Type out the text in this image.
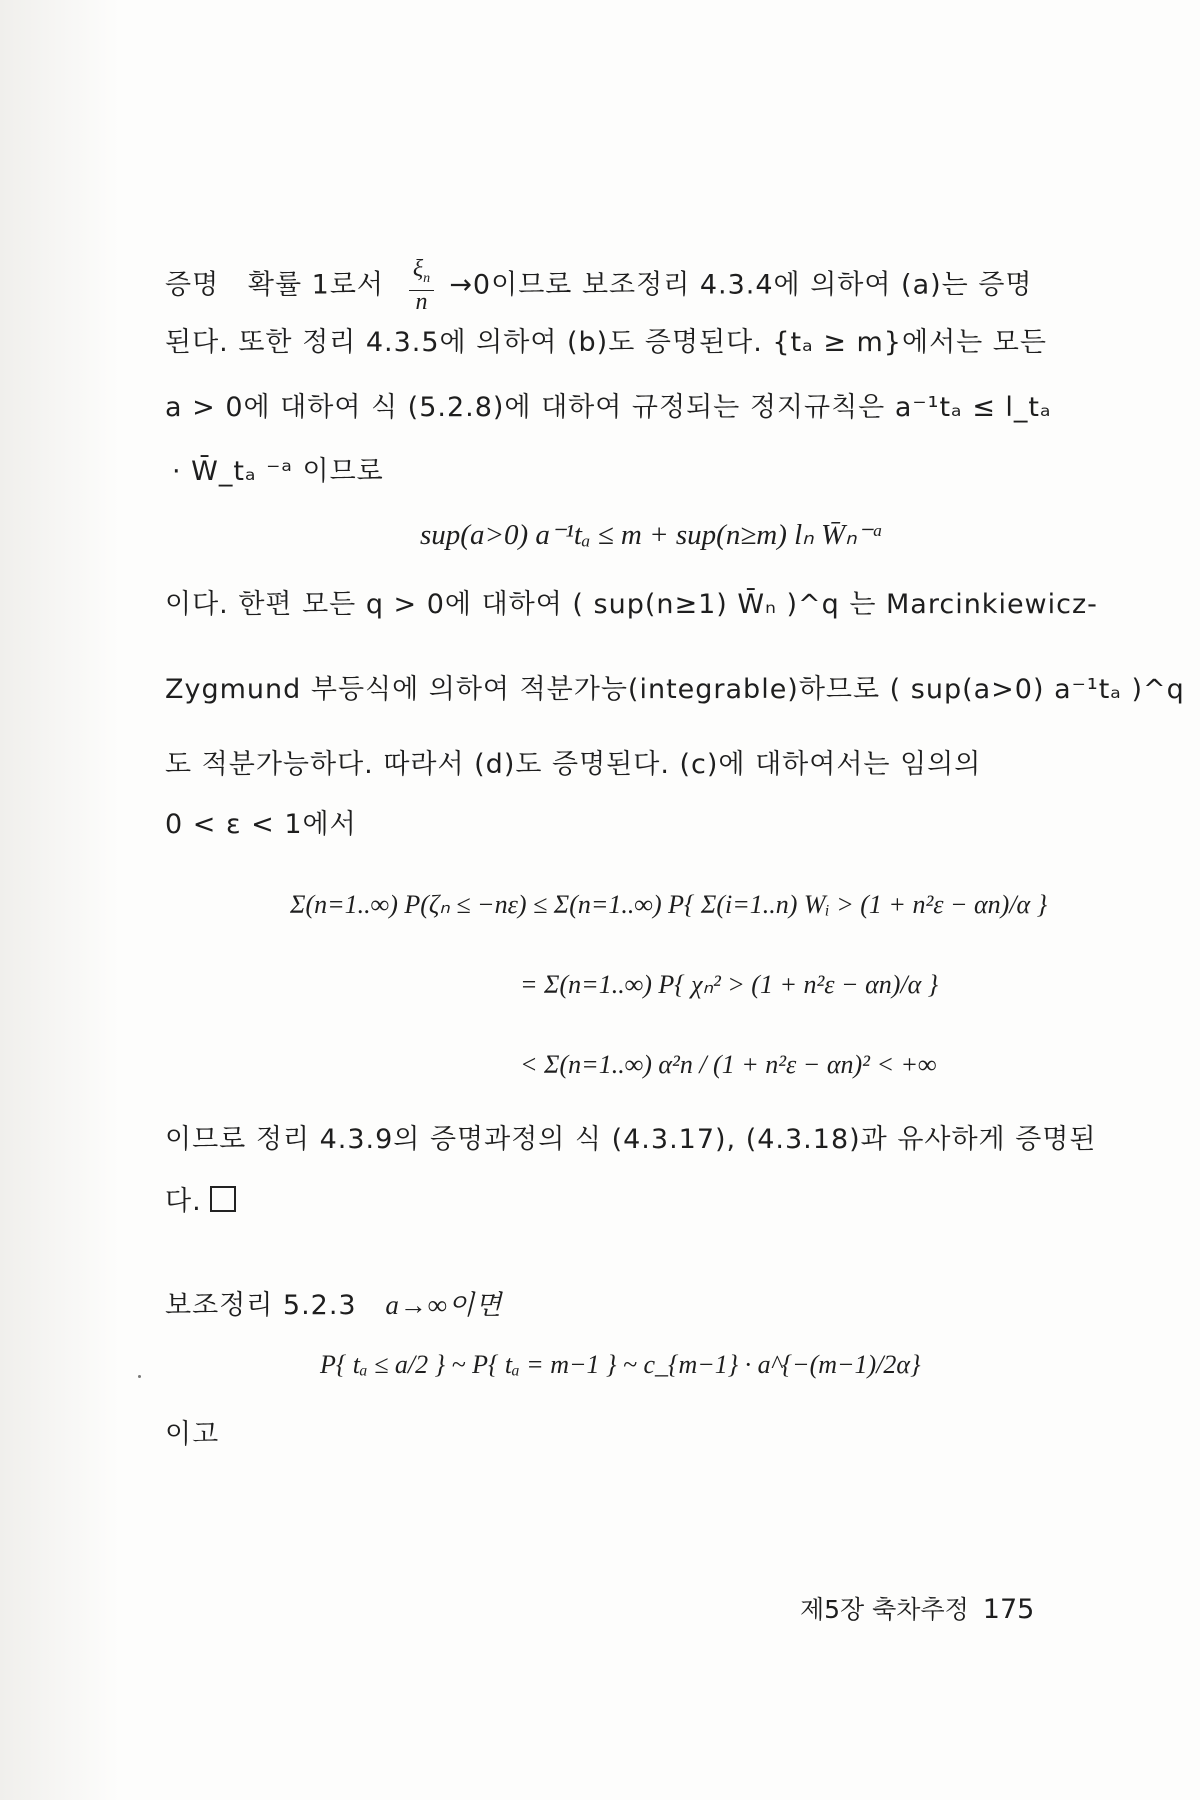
증명   확률 1로서 $\frac{\xi_n}{n} \to 0$이므로 보조정리 4.3.4에 의하여 (a)는 증명
된다. 또한 정리 4.3.5에 의하여 (b)도 증명된다. {tₐ ≥ m}에서는 모든
a > 0에 대하여 식 (5.2.8)에 대하여 규정되는 정지규칙은 a⁻¹tₐ ≤ l_tₐ
· W̄_tₐ ⁻ᵃ 이므로
sup(a>0) a⁻¹tₐ ≤ m + sup(n≥m) lₙ W̄ₙ⁻ᵃ
이다. 한편 모든 q > 0에 대하여 ( sup(n≥1) W̄ₙ )^q 는 Marcinkiewicz-
Zygmund 부등식에 의하여 적분가능(integrable)하므로 ( sup(a>0) a⁻¹tₐ )^q
도 적분가능하다. 따라서 (d)도 증명된다. (c)에 대하여서는 임의의
0 < ε < 1에서
Σ(n=1..∞) P(ζₙ ≤ −nε) ≤ Σ(n=1..∞) P{ Σ(i=1..n) Wᵢ > (1 + n²ε − αn)/α }
= Σ(n=1..∞) P{ χₙ² > (1 + n²ε − αn)/α }
< Σ(n=1..∞) α²n / (1 + n²ε − αn)² < +∞
이므로 정리 4.3.9의 증명과정의 식 (4.3.17), (4.3.18)과 유사하게 증명된
다.
보조정리 5.2.3 a→∞이면
P{ tₐ ≤ a/2 } ~ P{ tₐ = m−1 } ~ c_{m−1} · a^{−(m−1)/2α}
이고
제5장 축차추정 175
